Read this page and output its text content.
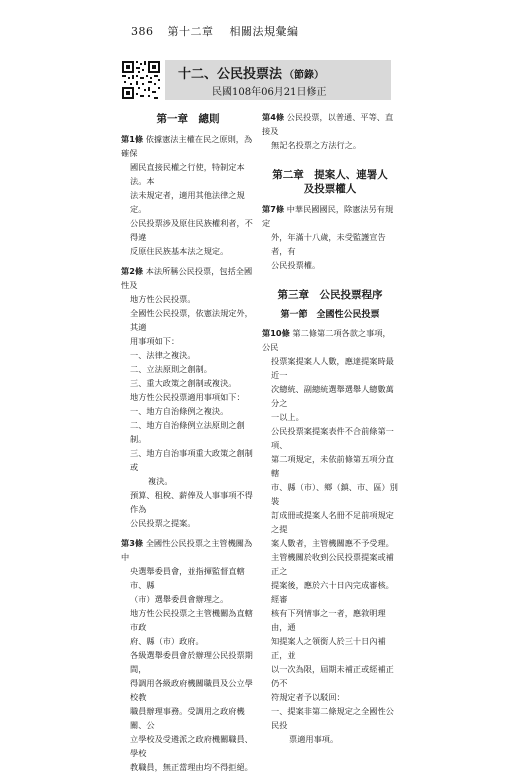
386 第十二章 相關法規彙編
十二、公民投票法 （節錄）
民國108年06月21日修正
第一章　總則
第1條 依據憲法主權在民之原則，為確保
國民直接民權之行使，特制定本法。本
法未規定者，適用其他法律之規定。
公民投票涉及原住民族權利者，不得違
反原住民族基本法之規定。
第2條 本法所稱公民投票，包括全國性及
地方性公民投票。
全國性公民投票，依憲法規定外，其適
用事項如下：
一、法律之複決。
二、立法原則之創制。
三、重大政策之創制或複決。
地方性公民投票適用事項如下：
一、地方自治條例之複決。
二、地方自治條例立法原則之創制。
三、地方自治事項重大政策之創制或
複決。
預算、租稅、薪俸及人事事項不得作為
公民投票之提案。
第3條 全國性公民投票之主管機關為中
央選舉委員會，並指揮監督直轄市、縣
（市）選舉委員會辦理之。
地方性公民投票之主管機關為直轄市政
府、縣（市）政府。
各級選舉委員會於辦理公民投票期間，
得調用各級政府機關職員及公立學校教
職員辦理事務。受調用之政府機關、公
立學校及受遴派之政府機關職員、學校
教職員，無正當理由均不得拒絕。
第4條 公民投票，以普通、平等、直接及
無記名投票之方法行之。
第二章　提案人、連署人
及投票權人
第7條 中華民國國民，除憲法另有規定
外，年滿十八歲，未受監護宣告者，有
公民投票權。
第三章　公民投票程序
第一節　全國性公民投票
第10條 第二條第二項各款之事項，公民
投票案提案人人數，應達提案時最近一
次總統、副總統選舉選舉人總數萬分之
一以上。
公民投票案提案表件不合前條第一項、
第二項規定，未依前條第五項分直轄
市、縣（市）、鄉（鎮、市、區）別裝
訂成冊或提案人名冊不足前項規定之提
案人數者，主管機關應不予受理。
主管機關於收到公民投票提案或補正之
提案後，應於六十日內完成審核。經審
核有下列情事之一者，應敘明理由，通
知提案人之領銜人於三十日內補正，並
以一次為限，屆期未補正或經補正仍不
符規定者予以駁回：
一、提案非第二條規定之全國性公民投
票適用事項。
